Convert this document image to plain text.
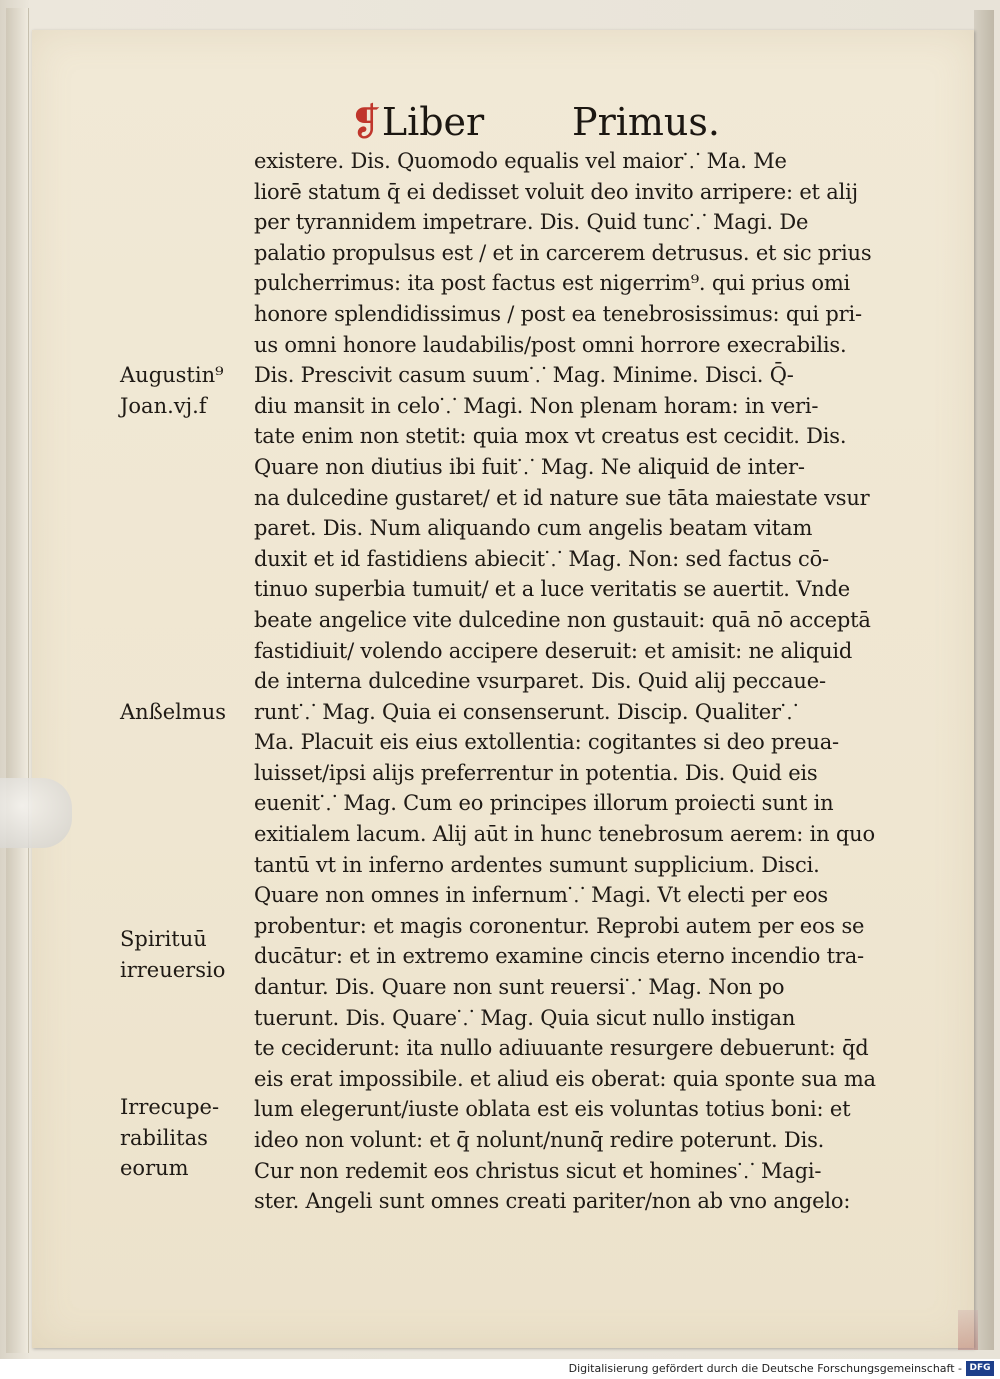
❡Liber Primus.
existere. Dis. Quomodo equalis vel maior⸪ Ma. Me
liorē statum q̄ ei dedisset voluit deo invito arripere: et alij
per tyrannidem impetrare. Dis. Quid tunc⸪ Magi. De
palatio propulsus est / et in carcerem detrusus. et sic prius
pulcherrimus: ita post factus est nigerrim⁹. qui prius omi
honore splendidissimus / post ea tenebrosissimus: qui pri-
us omni honore laudabilis/post omni horrore execrabilis.
Dis. Prescivit casum suum⸪ Mag. Minime. Disci. Q̄-
diu mansit in celo⸪ Magi. Non plenam horam: in veri-
tate enim non stetit: quia mox vt creatus est cecidit. Dis.
Quare non diutius ibi fuit⸪ Mag. Ne aliquid de inter-
na dulcedine gustaret/ et id nature sue tāta maiestate vsur
paret. Dis. Num aliquando cum angelis beatam vitam
duxit et id fastidiens abiecit⸪ Mag. Non: sed factus cō-
tinuo superbia tumuit/ et a luce veritatis se auertit. Vnde
beate angelice vite dulcedine non gustauit: quā nō acceptā
fastidiuit/ volendo accipere deseruit: et amisit: ne aliquid
de interna dulcedine vsurparet. Dis. Quid alij peccaue-
runt⸪ Mag. Quia ei consenserunt. Discip. Qualiter⸪
Ma. Placuit eis eius extollentia: cogitantes si deo preua-
luisset/ipsi alijs preferrentur in potentia. Dis. Quid eis
euenit⸪ Mag. Cum eo principes illorum proiecti sunt in
exitialem lacum. Alij aūt in hunc tenebrosum aerem: in quo
tantū vt in inferno ardentes sumunt supplicium. Disci.
Quare non omnes in infernum⸪ Magi. Vt electi per eos
probentur: et magis coronentur. Reprobi autem per eos se
ducātur: et in extremo examine cincis eterno incendio tra-
dantur. Dis. Quare non sunt reuersi⸪ Mag. Non po
tuerunt. Dis. Quare⸪ Mag. Quia sicut nullo instigan
te ceciderunt: ita nullo adiuuante resurgere debuerunt: q̄d
eis erat impossibile. et aliud eis oberat: quia sponte sua ma
lum elegerunt/iuste oblata est eis voluntas totius boni: et
ideo non volunt: et q̄ nolunt/nunq̄ redire poterunt. Dis.
Cur non redemit eos christus sicut et homines⸪ Magi-
ster. Angeli sunt omnes creati pariter/non ab vno angelo:
Augustin⁹
Joan.vj.f
Anßelmus
Spirituū
irreuersio
Irrecupe-
rabilitas
eorum
Digitalisierung gefördert durch die Deutsche Forschungsgemeinschaft - DFG
